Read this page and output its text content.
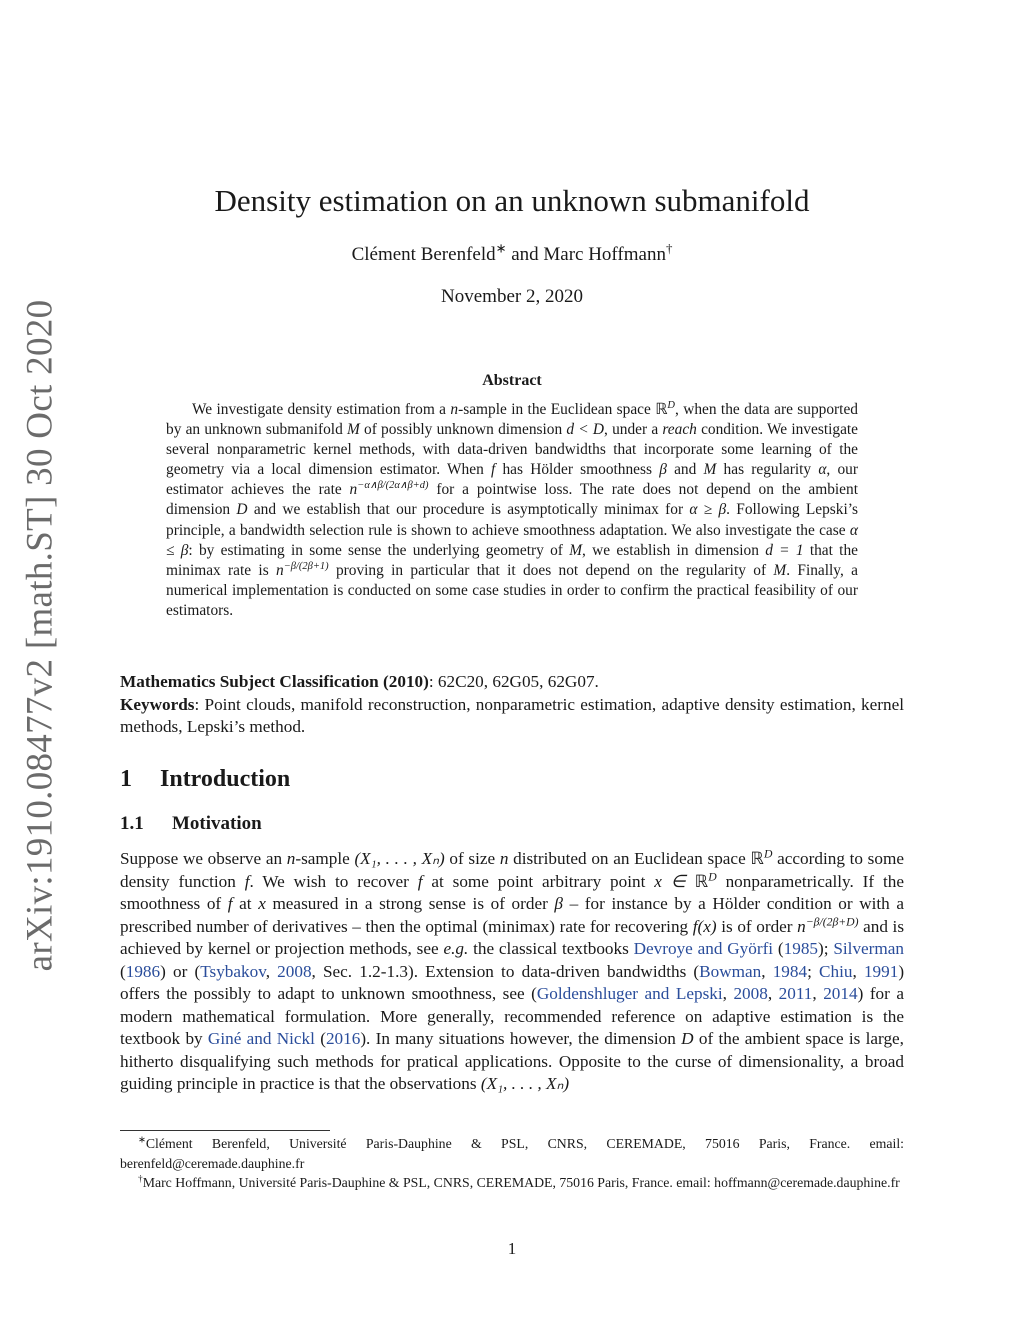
arXiv:1910.08477v2 [math.ST] 30 Oct 2020
Density estimation on an unknown submanifold
Clément Berenfeld∗ and Marc Hoffmann†
November 2, 2020
Abstract
We investigate density estimation from a n-sample in the Euclidean space ℝ$^D$, when the data are supported by an unknown submanifold M of possibly unknown dimension d < D, under a reach condition. We investigate several nonparametric kernel methods, with data-driven bandwidths that incorporate some learning of the geometry via a local dimension estimator. When f has Hölder smoothness β and M has regularity α, our estimator achieves the rate $n^{-\alpha\wedge\beta/(2\alpha\wedge\beta+d)}$ for a pointwise loss. The rate does not depend on the ambient dimension D and we establish that our procedure is asymptotically minimax for α ≥ β. Following Lepski’s principle, a bandwidth selection rule is shown to achieve smoothness adaptation. We also investigate the case α ≤ β: by estimating in some sense the underlying geometry of M, we establish in dimension d = 1 that the minimax rate is $n^{-\beta/(2\beta+1)}$ proving in particular that it does not depend on the regularity of M. Finally, a numerical implementation is conducted on some case studies in order to confirm the practical feasibility of our estimators.

Mathematics Subject Classification (2010): 62C20, 62G05, 62G07.

Keywords: Point clouds, manifold reconstruction, nonparametric estimation, adaptive density estimation, kernel methods, Lepski’s method.

1 Introduction
1.1 Motivation
Suppose we observe an n-sample (X₁, . . . , Xₙ) of size n distributed on an Euclidean space ℝ$^D$ according to some density function f. We wish to recover f at some point arbitrary point x ∈ ℝ$^D$ nonparametrically. If the smoothness of f at x measured in a strong sense is of order β – for instance by a Hölder condition or with a prescribed number of derivatives – then the optimal (minimax) rate for recovering f(x) is of order $n^{-\beta/(2\beta+D)}$ and is achieved by kernel or projection methods, see e.g. the classical textbooks Devroye and Györfi (1985); Silverman (1986) or (Tsybakov, 2008, Sec. 1.2-1.3). Extension to data-driven bandwidths (Bowman, 1984; Chiu, 1991) offers the possibly to adapt to unknown smoothness, see (Goldenshluger and Lepski, 2008, 2011, 2014) for a modern mathematical formulation. More generally, recommended reference on adaptive estimation is the textbook by Giné and Nickl (2016). In many situations however, the dimension D of the ambient space is large, hitherto disqualifying such methods for pratical applications. Opposite to the curse of dimensionality, a broad guiding principle in practice is that the observations (X₁, . . . , Xₙ)

∗Clément Berenfeld, Université Paris-Dauphine & PSL, CNRS, CEREMADE, 75016 Paris, France. email: berenfeld@ceremade.dauphine.fr

†Marc Hoffmann, Université Paris-Dauphine & PSL, CNRS, CEREMADE, 75016 Paris, France. email: hoffmann@ceremade.dauphine.fr

1
